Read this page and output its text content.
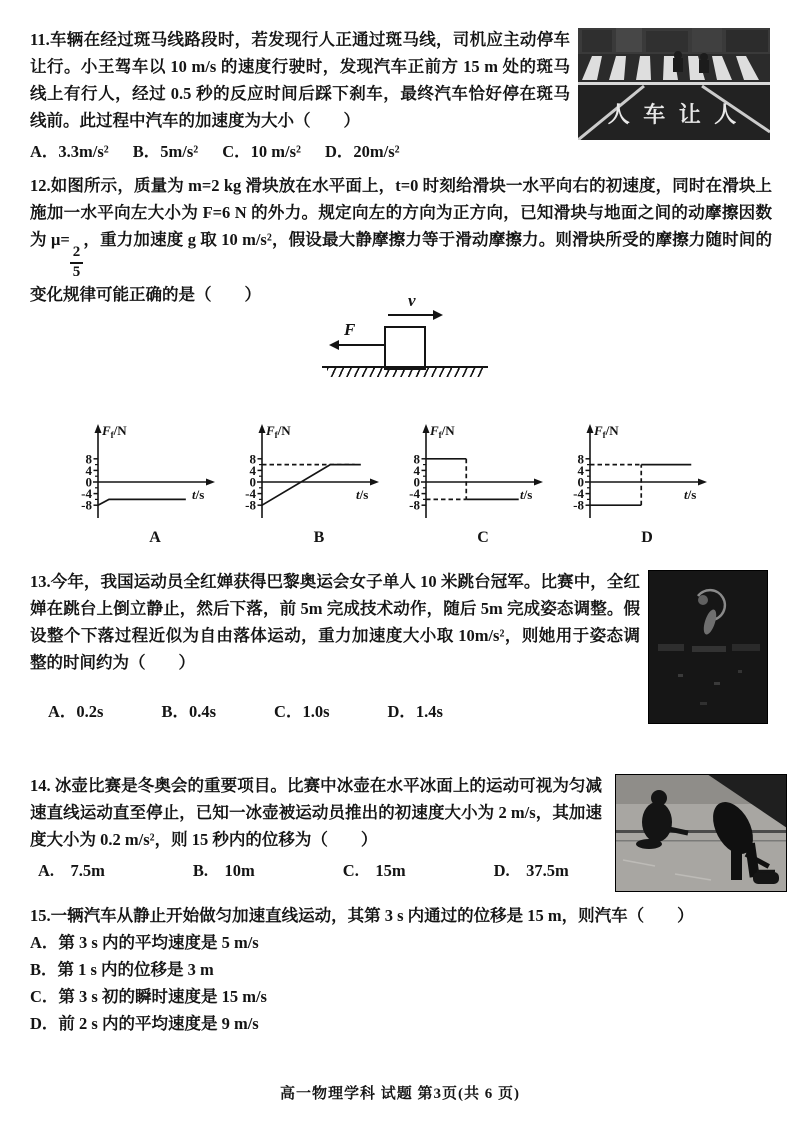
11.车辆在经过斑马线路段时，若发现行人正通过斑马线，司机应主动停车让行。小王驾车以 10 m/s 的速度行驶时，发现汽车正前方 15 m 处的斑马线上有行人，经过 0.5 秒的反应时间后踩下刹车，最终汽车恰好停在斑马线前。此过程中汽车的加速度为大小（　　）

A．3.3m/s² B．5m/s² C．10 m/s² D．20m/s²
人 车 让 人

12.如图所示，质量为 m=2 kg 滑块放在水平面上，t=0 时刻给滑块一水平向右的初速度，同时在滑块上施加一水平向左大小为 F=6 N 的外力。规定向左的方向为正方向，已知滑块与地面之间的动摩擦因数为 μ=
$\frac{2}{5}$
，重力加速度 g 取 10 m/s²，假设最大静摩擦力等于滑动摩擦力。则滑块所受的摩擦力随时间的变化规律可能正确的是（　　）	v
F
8
4
0
-4
-8
$F_f/N$
t/s
A
8
4
0
-4
-8
$F_f/N$
t/s
B
8
4
0
-4
-8
$F_f/N$
t/s
C
8
4
0
-4
-8
$F_f/N$
t/s
D

13.今年，我国运动员全红婵获得巴黎奥运会女子单人 10 米跳台冠军。比赛中，全红婵在跳台上倒立静止，然后下落，前 5m 完成技术动作，随后 5m 完成姿态调整。假设整个下落过程近似为自由落体运动，重力加速度大小取 10m/s²，则她用于姿态调整的时间约为（　　）

A．0.2s	B．0.4s	C．1.0s	D．1.4s

14. 冰壶比赛是冬奥会的重要项目。比赛中冰壶在水平冰面上的运动可视为匀减速直线运动直至停止，已知一冰壶被运动员推出的初速度大小为 2 m/s，其加速度大小为 0.2 m/s²，则 15 秒内的位移为（　　）

A.　7.5m	B.　10m	C.　15m	D.　37.5m

15.一辆汽车从静止开始做匀加速直线运动，其第 3 s 内通过的位移是 15 m，则汽车（　　）

A．第 3 s 内的平均速度是 5 m/s
B．第 1 s 内的位移是 3 m
C．第 3 s 初的瞬时速度是 15 m/s
D．前 2 s 内的平均速度是 9 m/s
高一物理学科 试题 第3页(共 6 页)
